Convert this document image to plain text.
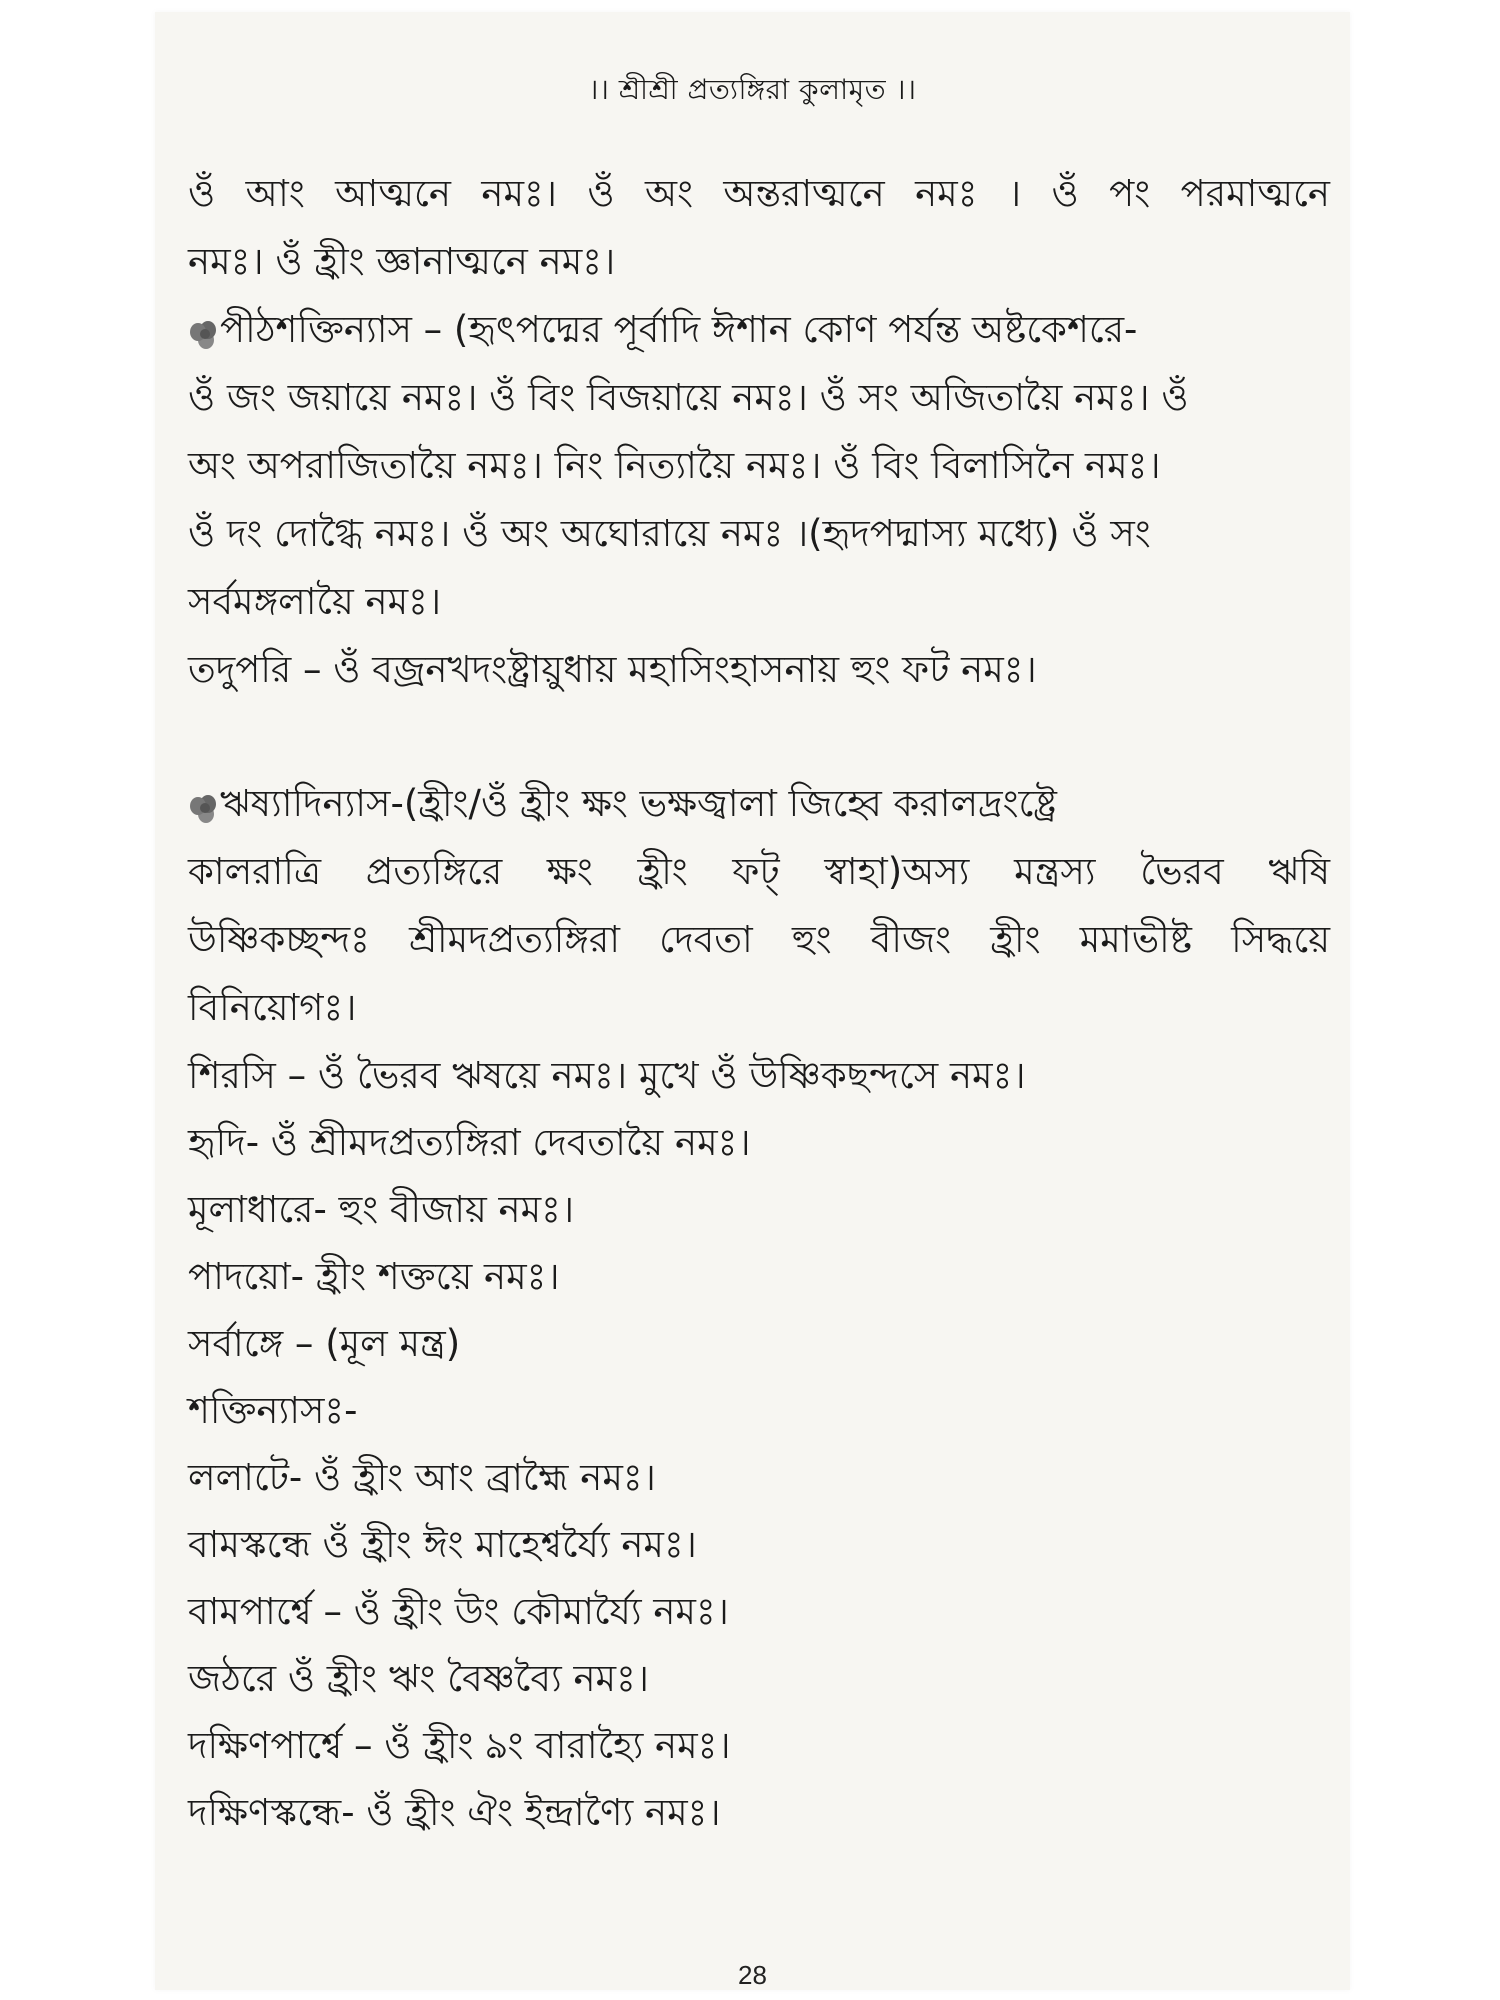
।। শ্রীশ্রী প্রত্যঙ্গিরা কুলামৃত ।।
ওঁ আং আত্মনে নমঃ। ওঁ অং অন্তরাত্মনে নমঃ । ওঁ পং পরমাত্মনে
নমঃ। ওঁ হ্রীং জ্ঞানাত্মনে নমঃ।
পীঠশক্তিন্যাস – (হৃৎপদ্মের পূর্বাদি ঈশান কোণ পর্যন্ত অষ্টকেশরে-
ওঁ জং জয়ায়ে নমঃ। ওঁ বিং বিজয়ায়ে নমঃ। ওঁ সং অজিতায়ৈ নমঃ। ওঁ
অং অপরাজিতায়ৈ নমঃ। নিং নিত্যায়ৈ নমঃ। ওঁ বিং বিলাসিনৈ নমঃ।
ওঁ দং দোগ্ধৈ নমঃ। ওঁ অং অঘোরায়ে নমঃ ।(হৃদপদ্মাস্য মধ্যে) ওঁ সং
সর্বমঙ্গলায়ৈ নমঃ।
তদুপরি – ওঁ বজ্রনখদংষ্ট্রায়ুধায় মহাসিংহাসনায় হুং ফট নমঃ।
ঋষ্যাদিন্যাস-(হ্রীং/ওঁ হ্রীং ক্ষং ভক্ষজ্বালা জিহ্বে করালদ্রংষ্ট্রে
কালরাত্রি প্রত্যঙ্গিরে ক্ষং হ্রীং ফট্ স্বাহা)অস্য মন্ত্রস্য ভৈরব ঋষি
উষ্ণিকচ্ছন্দঃ শ্রীমদপ্রত্যঙ্গিরা দেবতা হুং বীজং হ্রীং মমাভীষ্ট সিদ্ধয়ে
বিনিয়োগঃ।
শিরসি – ওঁ ভৈরব ঋষয়ে নমঃ। মুখে ওঁ উষ্ণিকছন্দসে নমঃ।
হৃদি- ওঁ শ্রীমদপ্রত্যঙ্গিরা দেবতায়ৈ নমঃ।
মূলাধারে- হুং বীজায় নমঃ।
পাদয়ো- হ্রীং শক্তয়ে নমঃ।
সর্বাঙ্গে – (মূল মন্ত্র)
শক্তিন্যাসঃ-
ললাটে- ওঁ হ্রীং আং ব্রাহ্মৈ নমঃ।
বামস্কন্ধে ওঁ হ্রীং ঈং মাহেশ্বর্য্যৈ নমঃ।
বামপার্শ্বে – ওঁ হ্রীং উং কৌমার্য্যৈ নমঃ।
জঠরে ওঁ হ্রীং ঋং বৈষ্ণব্যৈ নমঃ।
দক্ষিণপার্শ্বে – ওঁ হ্রীং ঌং বারাহ্যৈ নমঃ।
দক্ষিণস্কন্ধে- ওঁ হ্রীং ঐং ইন্দ্রাণ্যৈ নমঃ।
28
